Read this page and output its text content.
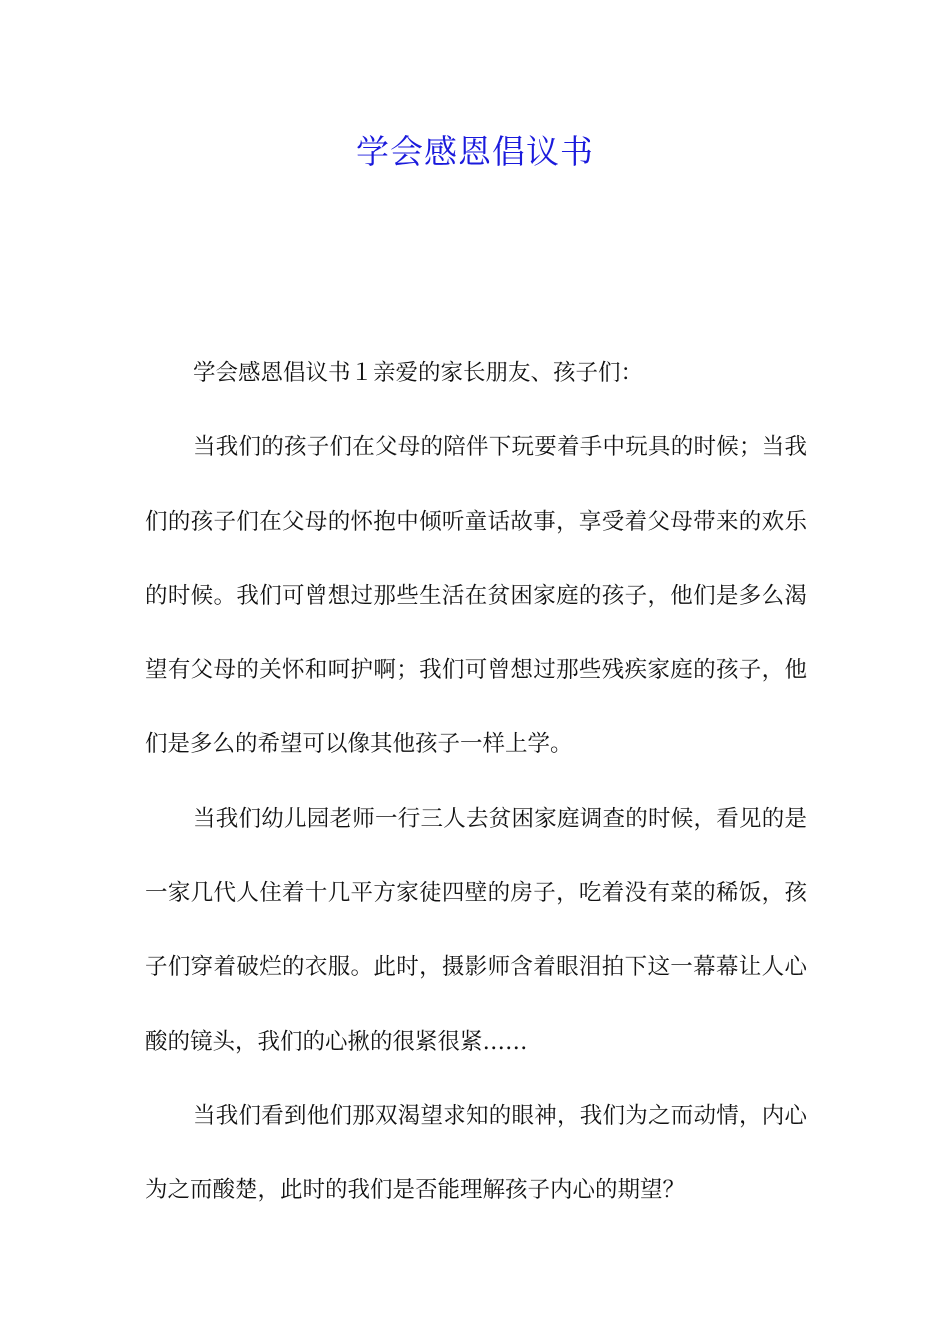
学会感恩倡议书

学会感恩倡议书１亲爱的家长朋友、孩子们：

当我们的孩子们在父母的陪伴下玩要着手中玩具的时候；当我们的孩子们在父母的怀抱中倾听童话故事，享受着父母带来的欢乐的时候。我们可曾想过那些生活在贫困家庭的孩子，他们是多么渴望有父母的关怀和呵护啊；我们可曾想过那些残疾家庭的孩子，他们是多么的希望可以像其他孩子一样上学。

当我们幼儿园老师一行三人去贫困家庭调查的时候，看见的是一家几代人住着十几平方家徒四壁的房子，吃着没有菜的稀饭，孩子们穿着破烂的衣服。此时，摄影师含着眼泪拍下这一幕幕让人心酸的镜头，我们的心揪的很紧很紧……

当我们看到他们那双渴望求知的眼神，我们为之而动情，内心为之而酸楚，此时的我们是否能理解孩子内心的期望？
